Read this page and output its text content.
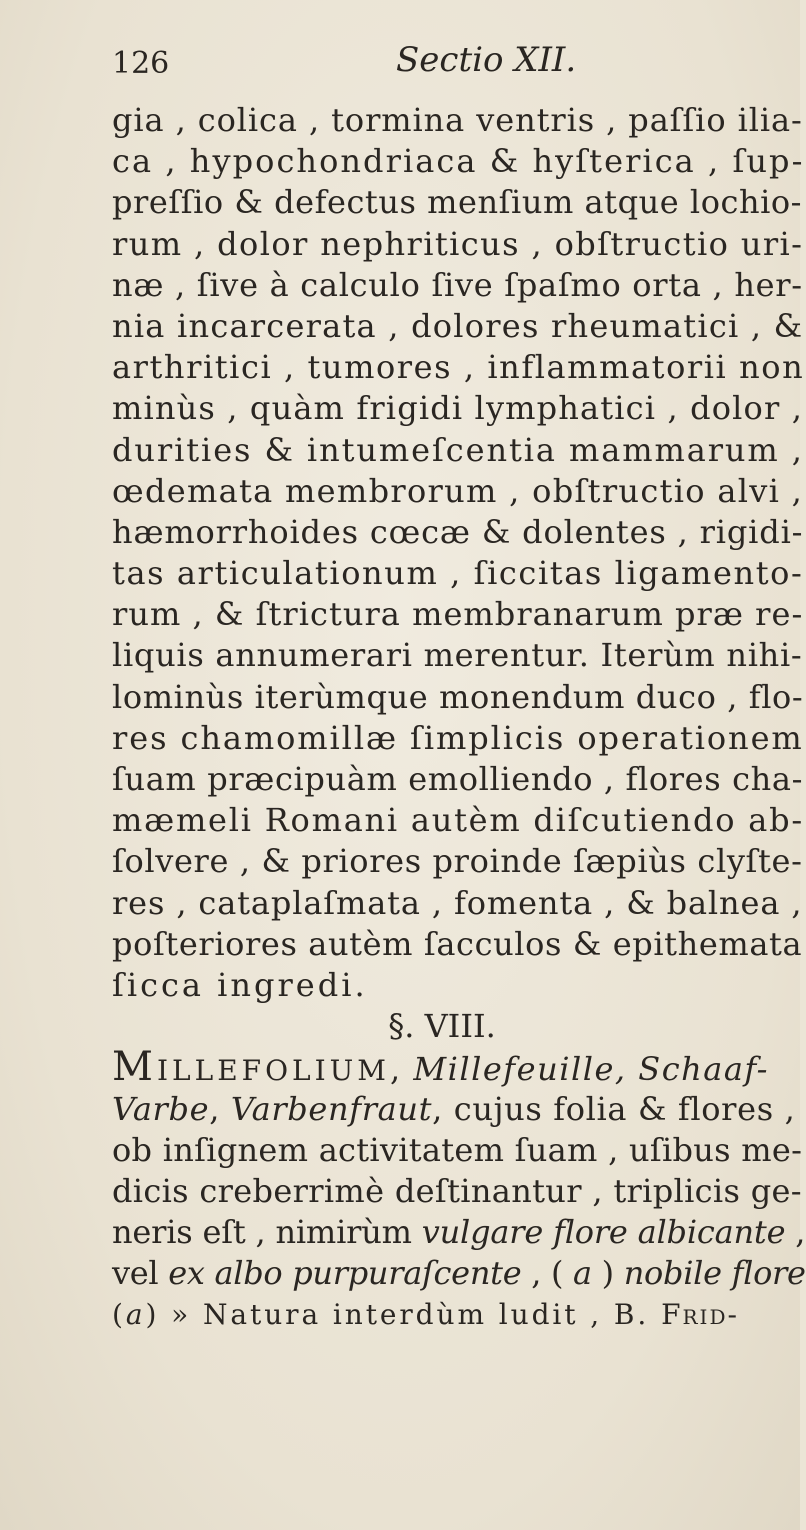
126	Sectio XII.
gia , colica , tormina ventris , paſſio ilia-
ca , hypochondriaca & hyſterica , ſup-
preſſio & defectus menſium atque lochio-
rum , dolor nephriticus , obſtructio uri-
næ , ſive à calculo ſive ſpaſmo orta , her-
nia incarcerata , dolores rheumatici , &
arthritici , tumores , inflammatorii non
minùs , quàm frigidi lymphatici , dolor ,
durities & intumeſcentia mammarum ,
œdemata membrorum , obſtructio alvi ,
hæmorrhoides cœcæ & dolentes , rigidi-
tas articulationum , ſiccitas ligamento-
rum , & ſtrictura membranarum præ re-
liquis annumerari merentur. Iterùm nihi-
lominùs iterùmque monendum duco , flo-
res chamomillæ ſimplicis operationem
ſuam præcipuàm emolliendo , flores cha-
mæmeli Romani autèm diſcutiendo ab-
ſolvere , & priores proinde ſæpiùs clyſte-
res , cataplaſmata , fomenta , & balnea ,
poſteriores autèm ſacculos & epithemata
ſicca ingredi.
§. VIII.
Millefolium, Millefeuille, Schaaf-
Varbe, Varbenfraut, cujus folia & flores ,
ob inſignem activitatem ſuam , uſibus me-
dicis creberrimè deſtinantur , triplicis ge-
neris eſt , nimirùm vulgare flore albicante ,
vel ex albo purpuraſcente , ( a ) nobile flore
(a) » Natura interdùm ludit , B. Frid-
